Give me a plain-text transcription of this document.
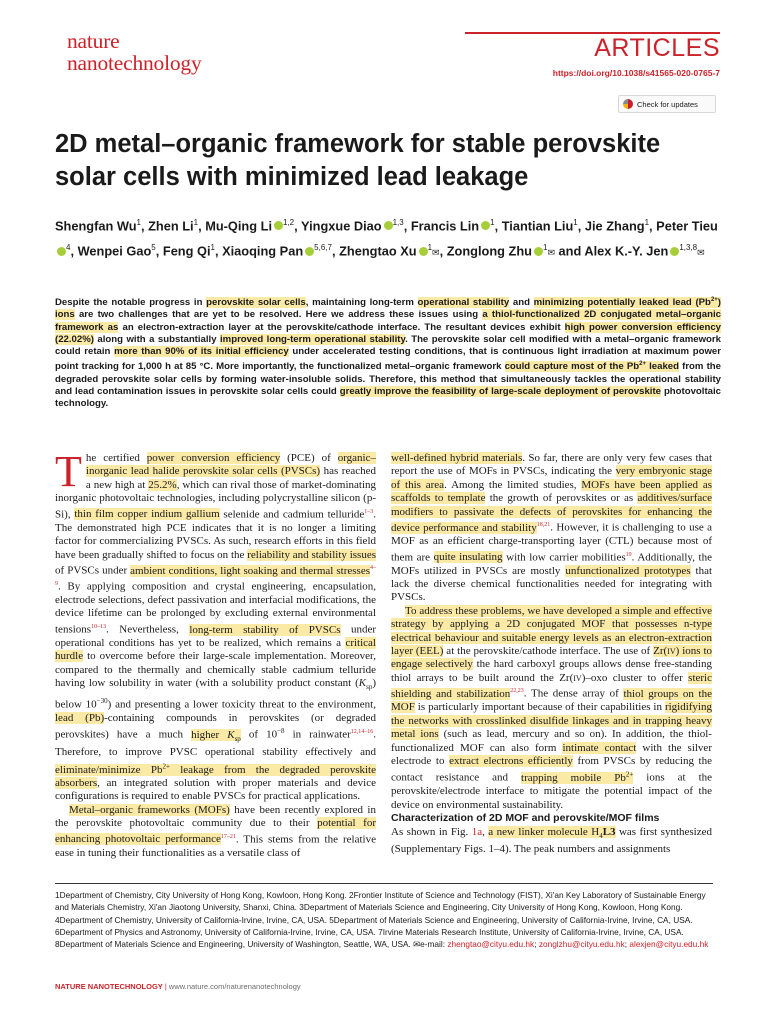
nature
nanotechnology
ARTICLES
https://doi.org/10.1038/s41565-020-0765-7
Check for updates
2D metal–organic framework for stable perovskite solar cells with minimized lead leakage
Shengfan Wu$^1$, Zhen Li$^1$, Mu-Qing Li $^{1,2}$, Yingxue Diao $^{1,3}$, Francis Lin $^1$, Tiantian Liu$^1$, Jie Zhang$^1$, Peter Tieu$^4$, Wenpei Gao$^5$, Feng Qi$^1$, Xiaoqing Pan $^{5,6,7}$, Zhengtao Xu $^1$✉, Zonglong Zhu $^1$✉ and Alex K.-Y. Jen $^{1,3,8}$✉
Despite the notable progress in perovskite solar cells, maintaining long-term operational stability and minimizing potentially leaked lead $(Pb^{2+})$ ions are two challenges that are yet to be resolved. Here we address these issues using a thiol-functionalized 2D conjugated metal–organic framework as an electron-extraction layer at the perovskite/cathode interface. The resultant devices exhibit high power conversion efficiency (22.02%) along with a substantially improved long-term operational stability. The perovskite solar cell modified with a metal–organic framework could retain more than 90% of its initial efficiency under accelerated testing conditions, that is continuous light irradiation at maximum power point tracking for 1,000 h at 85 °C. More importantly, the functionalized metal–organic framework could capture most of the $Pb^{2+}$ leaked from the degraded perovskite solar cells by forming water-insoluble solids. Therefore, this method that simultaneously tackles the operational stability and lead contamination issues in perovskite solar cells could greatly improve the feasibility of large-scale deployment of perovskite photovoltaic technology.

The certified power conversion efficiency (PCE) of organic–inorganic lead halide perovskite solar cells (PVSCs) has reached a new high at 25.2%, which can rival those of market-dominating inorganic photovoltaic technologies, including polycrystalline silicon (p-Si), thin film copper indium gallium selenide and cadmium telluride$^{1-3}$. The demonstrated high PCE indicates that it is no longer a limiting factor for commercializing PVSCs. As such, research efforts in this field have been gradually shifted to focus on the reliability and stability issues of PVSCs under ambient conditions, light soaking and thermal stresses$^{4-9}$. By applying composition and crystal engineering, encapsulation, electrode selections, defect passivation and interfacial modifications, the device lifetime can be prolonged by excluding external environmental tensions$^{10-13}$. Nevertheless, long-term stability of PVSCs under operational conditions has yet to be realized, which remains a critical hurdle to overcome before their large-scale implementation. Moreover, compared to the thermally and chemically stable cadmium telluride having low solubility in water (with a solubility product constant $(K_{sp})$ below $10^{-30}$) and presenting a lower toxicity threat to the environment, lead (Pb)-containing compounds in perovskites (or degraded perovskites) have a much higher $K_{sp}$ of $10^{-8}$ in rainwater$^{12,14-16}$. Therefore, to improve PVSC operational stability effectively and eliminate/minimize $Pb^{2+}$ leakage from the degraded perovskite absorbers, an integrated solution with proper materials and device configurations is required to enable PVSCs for practical applications.

Metal–organic frameworks (MOFs) have been recently explored in the perovskite photovoltaic community due to their potential for enhancing photovoltaic performance$^{17-21}$. This stems from the relative ease in tuning their functionalities as a versatile class of

well-defined hybrid materials. So far, there are only very few cases that report the use of MOFs in PVSCs, indicating the very embryonic stage of this area. Among the limited studies, MOFs have been applied as scaffolds to template the growth of perovskites or as additives/surface modifiers to passivate the defects of perovskites for enhancing the device performance and stability$^{18,21}$. However, it is challenging to use a MOF as an efficient charge-transporting layer (CTL) because most of them are quite insulating with low carrier mobilities$^{19}$. Additionally, the MOFs utilized in PVSCs are mostly unfunctionalized prototypes that lack the diverse chemical functionalities needed for integrating with PVSCs.

To address these problems, we have developed a simple and effective strategy by applying a 2D conjugated MOF that possesses n-type electrical behaviour and suitable energy levels as an electron-extraction layer (EEL) at the perovskite/cathode interface. The use of Zr(iv) ions to engage selectively the hard carboxyl groups allows dense free-standing thiol arrays to be built around the Zr(iv)–oxo cluster to offer steric shielding and stabilization$^{22,23}$. The dense array of thiol groups on the MOF is particularly important because of their capabilities in rigidifying the networks with crosslinked disulfide linkages and in trapping heavy metal ions (such as lead, mercury and so on). In addition, the thiol-functionalized MOF can also form intimate contact with the silver electrode to extract electrons efficiently from PVSCs by reducing the contact resistance and trapping mobile $Pb^{2+}$ ions at the perovskite/electrode interface to mitigate the potential impact of the device on environmental sustainability.

Characterization of 2D MOF and perovskite/MOF films

As shown in Fig. 1a, a new linker molecule $H_4L3$ was first synthesized (Supplementary Figs. 1–4). The peak numbers and assignments

1Department of Chemistry, City University of Hong Kong, Kowloon, Hong Kong. 2Frontier Institute of Science and Technology (FIST), Xi'an Key Laboratory of Sustainable Energy and Materials Chemistry, Xi'an Jiaotong University, Shanxi, China. 3Department of Materials Science and Engineering, City University of Hong Kong, Kowloon, Hong Kong. 4Department of Chemistry, University of California-Irvine, Irvine, CA, USA. 5Department of Materials Science and Engineering, University of California-Irvine, Irvine, CA, USA. 6Department of Physics and Astronomy, University of California-Irvine, Irvine, CA, USA. 7Irvine Materials Research Institute, University of California-Irvine, Irvine, CA, USA. 8Department of Materials Science and Engineering, University of Washington, Seattle, WA, USA. ✉e-mail: zhengtao@cityu.edu.hk; zonglzhu@cityu.edu.hk; alexjen@cityu.edu.hk
NATURE NANOTECHNOLOGY | www.nature.com/naturenanotechnology
